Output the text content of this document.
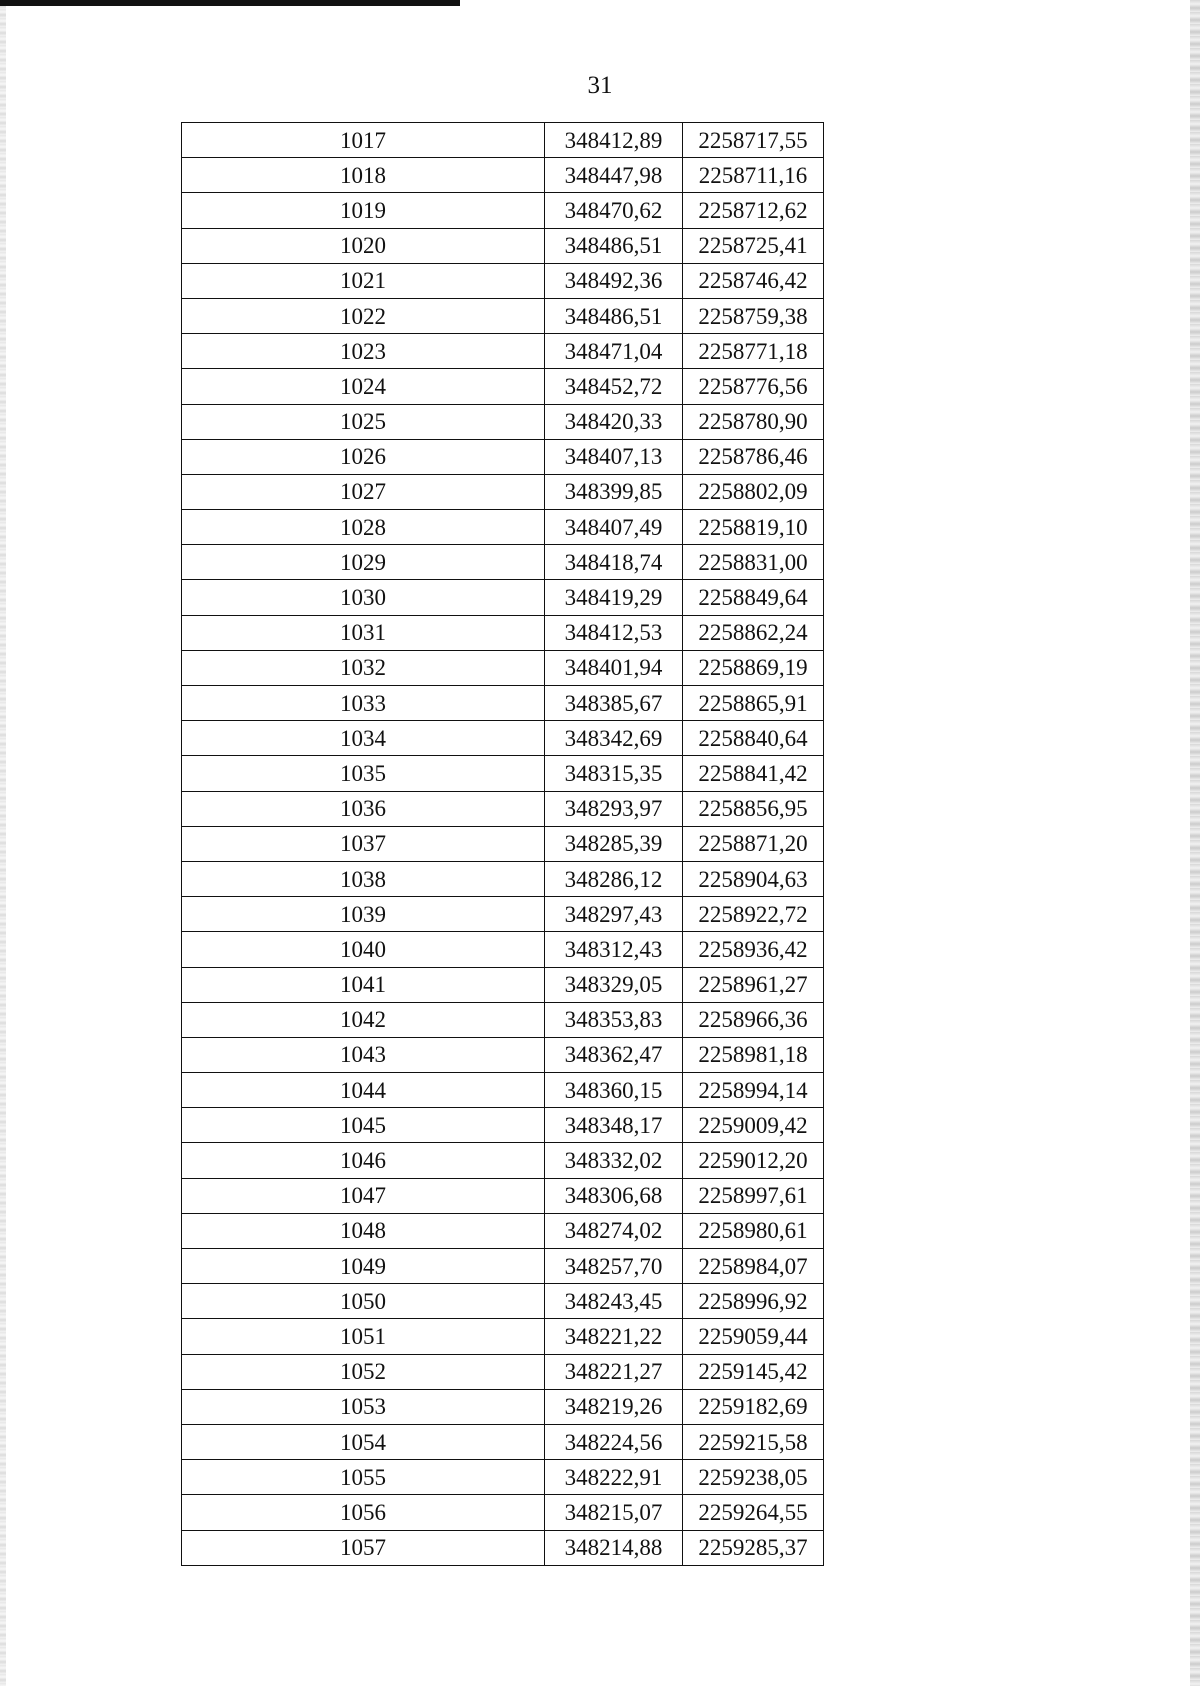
31
1017	348412,89	2258717,55
1018	348447,98	2258711,16
1019	348470,62	2258712,62
1020	348486,51	2258725,41
1021	348492,36	2258746,42
1022	348486,51	2258759,38
1023	348471,04	2258771,18
1024	348452,72	2258776,56
1025	348420,33	2258780,90
1026	348407,13	2258786,46
1027	348399,85	2258802,09
1028	348407,49	2258819,10
1029	348418,74	2258831,00
1030	348419,29	2258849,64
1031	348412,53	2258862,24
1032	348401,94	2258869,19
1033	348385,67	2258865,91
1034	348342,69	2258840,64
1035	348315,35	2258841,42
1036	348293,97	2258856,95
1037	348285,39	2258871,20
1038	348286,12	2258904,63
1039	348297,43	2258922,72
1040	348312,43	2258936,42
1041	348329,05	2258961,27
1042	348353,83	2258966,36
1043	348362,47	2258981,18
1044	348360,15	2258994,14
1045	348348,17	2259009,42
1046	348332,02	2259012,20
1047	348306,68	2258997,61
1048	348274,02	2258980,61
1049	348257,70	2258984,07
1050	348243,45	2258996,92
1051	348221,22	2259059,44
1052	348221,27	2259145,42
1053	348219,26	2259182,69
1054	348224,56	2259215,58
1055	348222,91	2259238,05
1056	348215,07	2259264,55
1057	348214,88	2259285,37
